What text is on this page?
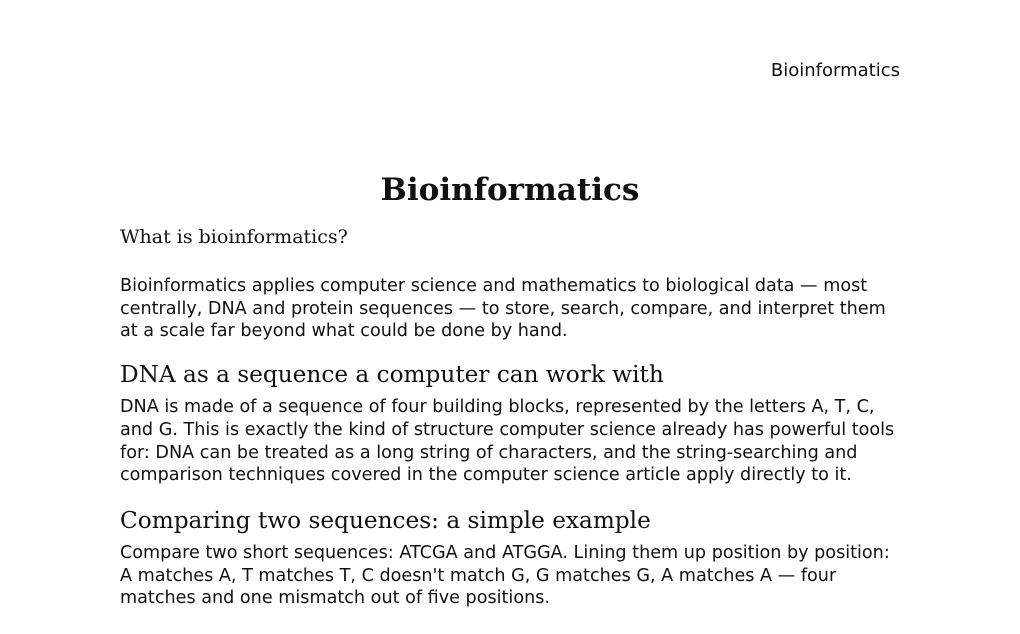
Bioinformatics
Bioinformatics
What is bioinformatics?

Bioinformatics applies computer science and mathematics to biological data — most centrally, DNA and protein sequences — to store, search, compare, and interpret them at a scale far beyond what could be done by hand.

DNA as a sequence a computer can work with

DNA is made of a sequence of four building blocks, represented by the letters A, T, C, and G. This is exactly the kind of structure computer science already has powerful tools for: DNA can be treated as a long string of characters, and the string-searching and comparison techniques covered in the computer science article apply directly to it.

Comparing two sequences: a simple example

Compare two short sequences: ATCGA and ATGGA. Lining them up position by position: A matches A, T matches T, C doesn't match G, G matches G, A matches A — four matches and one mismatch out of five positions.
